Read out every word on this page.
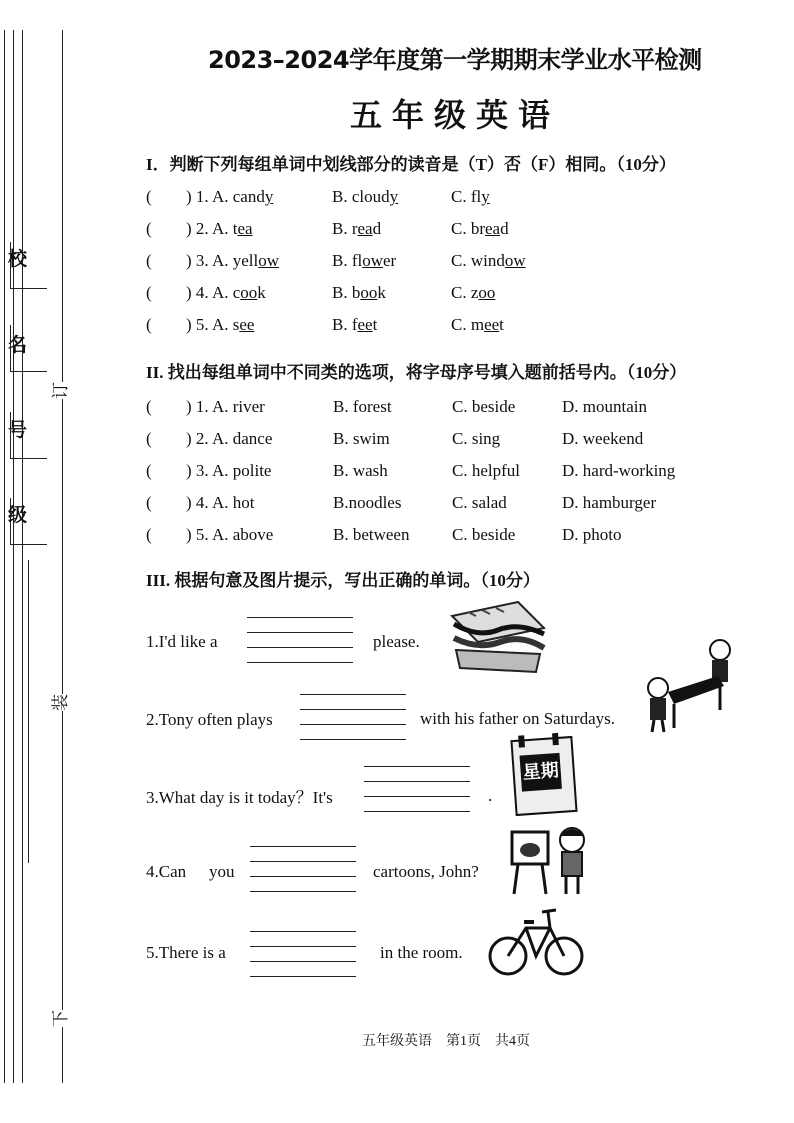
校
名
号
级
订
装
下
2023–2024学年度第一学期期末学业水平检测
五年级英语
I．判断下列每组单词中划线部分的读音是（T）否（F）相同。（10分）
( ) 1. A. candy	B. cloudy	C. fly
( ) 2. A. tea	B. read	C. bread
( ) 3. A. yellow	B. flower	C. window
( ) 4. A. cook	B. book	C. zoo
( ) 5. A. see	B. feet	C. meet
II. 找出每组单词中不同类的选项，将字母序号填入题前括号内。（10分）
( ) 1. A. river	B. forest	C. beside	D. mountain
( ) 2. A. dance	B. swim	C. sing	D. weekend
( ) 3. A. polite	B. wash	C. helpful D. hard-working
( ) 4. A. hot	B.noodles	C. salad	D. hamburger
( ) 5. A. above	B. between	C. beside	D. photo
III. 根据句意及图片提示，写出正确的单词。（10分）
1.I'd like a	please.
2.Tony often plays	with his father on Saturdays.
3.What day is it today？It's	.
星期
4.Can you	cartoons, John?
5.There is a	in the room.
五年级英语　第1页　共4页
